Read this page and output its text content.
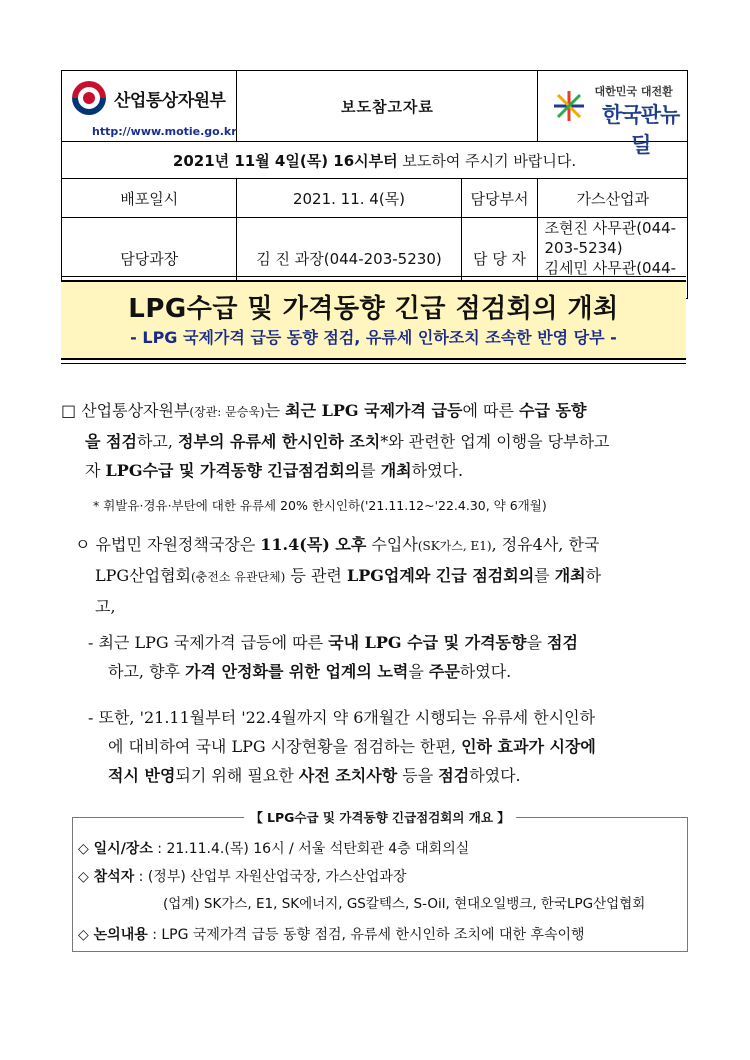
산업통상자원부
http://www.motie.go.kr	보도참고자료		대한민국 대전환
한국판뉴딜

2021년 11월 4일(목) 16시부터 보도하여 주시기 바랍니다.			
배포일시	2021. 11. 4(목)	담당부서	가스산업과
담당과장	김 진 과장(044-203-5230)	담 당 자	조현진 사무관(044-203-5234)
김세민 사무관(044-
LPG수급 및 가격동향 긴급 점검회의 개최
- LPG 국제가격 급등 동향 점검, 유류세 인하조치 조속한 반영 당부 -
□ 산업통상자원부(장관: 문승욱)는 최근 LPG 국제가격 급등에 따른 수급 동향
을 점검하고, 정부의 유류세 한시인하 조치*와 관련한 업계 이행을 당부하고
자 LPG수급 및 가격동향 긴급점검회의를 개최하였다.
* 휘발유·경유·부탄에 대한 유류세 20% 한시인하('21.11.12~'22.4.30, 약 6개월)
ㅇ 유법민 자원정책국장은 11.4(목) 오후 수입사(SK가스, E1), 정유4사, 한국
LPG산업협회(충전소 유관단체) 등 관련 LPG업계와 긴급 점검회의를 개최하
고,
- 최근 LPG 국제가격 급등에 따른 국내 LPG 수급 및 가격동향을 점검
하고, 향후 가격 안정화를 위한 업계의 노력을 주문하였다.
- 또한, '21.11월부터 '22.4월까지 약 6개월간 시행되는 유류세 한시인하
에 대비하여 국내 LPG 시장현황을 점검하는 한편, 인하 효과가 시장에
적시 반영되기 위해 필요한 사전 조치사항 등을 점검하였다.
【 LPG수급 및 가격동향 긴급점검회의 개요 】
◇ 일시/장소 : 21.11.4.(목) 16시 / 서울 석탄회관 4층 대회의실
◇ 참석자 : (정부) 산업부 자원산업국장, 가스산업과장
(업계) SK가스, E1, SK에너지, GS칼텍스, S-Oil, 현대오일뱅크, 한국LPG산업협회
◇ 논의내용 : LPG 국제가격 급등 동향 점검, 유류세 한시인하 조치에 대한 후속이행
